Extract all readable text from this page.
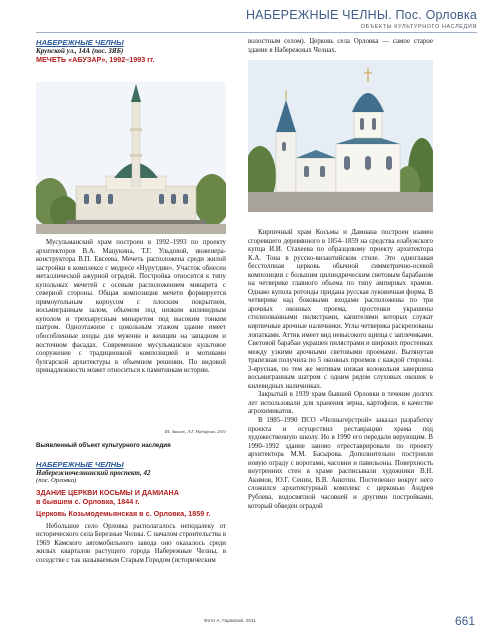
НАБЕРЕЖНЫЕ ЧЕЛНЫ. Пос. Орловка
ОБЪЕКТЫ КУЛЬТУРНОГО НАСЛЕДИЯ
НАБЕРЕЖНЫЕ ЧЕЛНЫ
Крупской ул., 14А (пос. ЗЯБ)
МЕЧЕТЬ «АБУЗАР», 1992–1993 гг.

Мусульманский храм построен в 1992–1993 по проекту архитекторов В.А. Мацукина, Т.Г. Ульдовой, инженера-конструктора В.П. Евсеева. Мечеть расположена среди жилой застройки в комплексе с медресе «Нурутдин». Участок обнесен металлической ажурной оградой. Постройка относится к типу купольных мечетей с осевым расположением минарета с северной стороны. Общая композиция мечети формируется прямоугольным корпусом с плоским покрытием, восьмигранным залом, объемом под низким килевидным куполом и трехъярусным минаретом под высоким тонким шатром. Одноэтажное с цокольным этажом здание имеет обособленные входы для мужчин и женщин на западном и восточном фасадах. Современное мусульманское культовое сооружение с традиционной композицией и мотивами булгарской архитектуры в объемном решении. По видовой принадлежности может относиться к памятникам истории.

Ш. Закиев, Л.Г. Набирова, 2011
Выявленный объект культурного наследия
НАБЕРЕЖНЫЕ ЧЕЛНЫ
Набережночелнинский проспект, 42
(пос. Орловка)
ЗДАНИЕ ЦЕРКВИ КОСЬМЫ И ДАМИАНА
в бывшем с. Орловка, 1844 г.
Церковь Козьмодемьянская в с. Орловка, 1859 г.

Небольшое село Орловка располагалось неподалеку от исторического села Березные Челны. С началом строительства в 1969 Камского автомобильного завода оно оказалось среди жилых кварталов растущего города Набережные Челны, в соседстве с так называемым Старым Городом (историческим

волостным селом). Церковь села Орловка — самое старое здание в Набережных Челнах.

Кирпичный храм Косьмы и Дамиана построен взамен сгоревшего деревянного в 1854–1859 на средства елабужского купца И.И. Стахеева по образцовому проекту архитектора К.А. Тона в русско-византийском стиле. Это однoглавая бесстолпная церковь обычной симметрично-осевой композиции с большим цилиндрическим световым барабаном на четверике главного объема по типу ампирных храмов. Однако купола ротонды придана русская луковичная форма. В четверике над боковыми входами расположены по три арочных оконных проема, простенки украшены стилизованными пилястрами, капителями которых служат кирпичные арочные наличники. Углы четверика раскрепованы лопатками. Аттик имеет вид невысокого щипца с заплечиками. Световой барабан украшен пилястрами и широких простенках между узкими арочными световыми проемами. Вытянутая трапезная получила по 5 оконных проемов с каждой стороны. 3-ярусная, по тем же мотивам низкая колокольня завершена восьмигранным шатром с одним рядом слуховых окошек в килевидных наличниках.

Закрытый в 1939 храм бывшей Орловки в течение долгих лет использовали для хранения зерна, картофеля, в качестве агрохимикатов.

В 1985–1990 ПСО «Челныгерстрой» заказал разработку проекта и осуществил реставрацию храма под художественную школу. Но в 1990 его передали верующим. В 1990–1992 здание заново отреставрировали по проекту архитектора М.М. Басырова. Дополнительно построили новую ограду с воротами, часовни и павильоны. Поверхность внутренних стен в храме расписывали художники В.Н. Акимов, Ю.Г. Сенин, В.В. Анютин. Постепенно вокруг него сложился архитектурный комплекс с церковью Андрея Рублева, водосвятной часовней и другими постройками, который обведен оградой

Фото А. Гараевой, 2011	661
